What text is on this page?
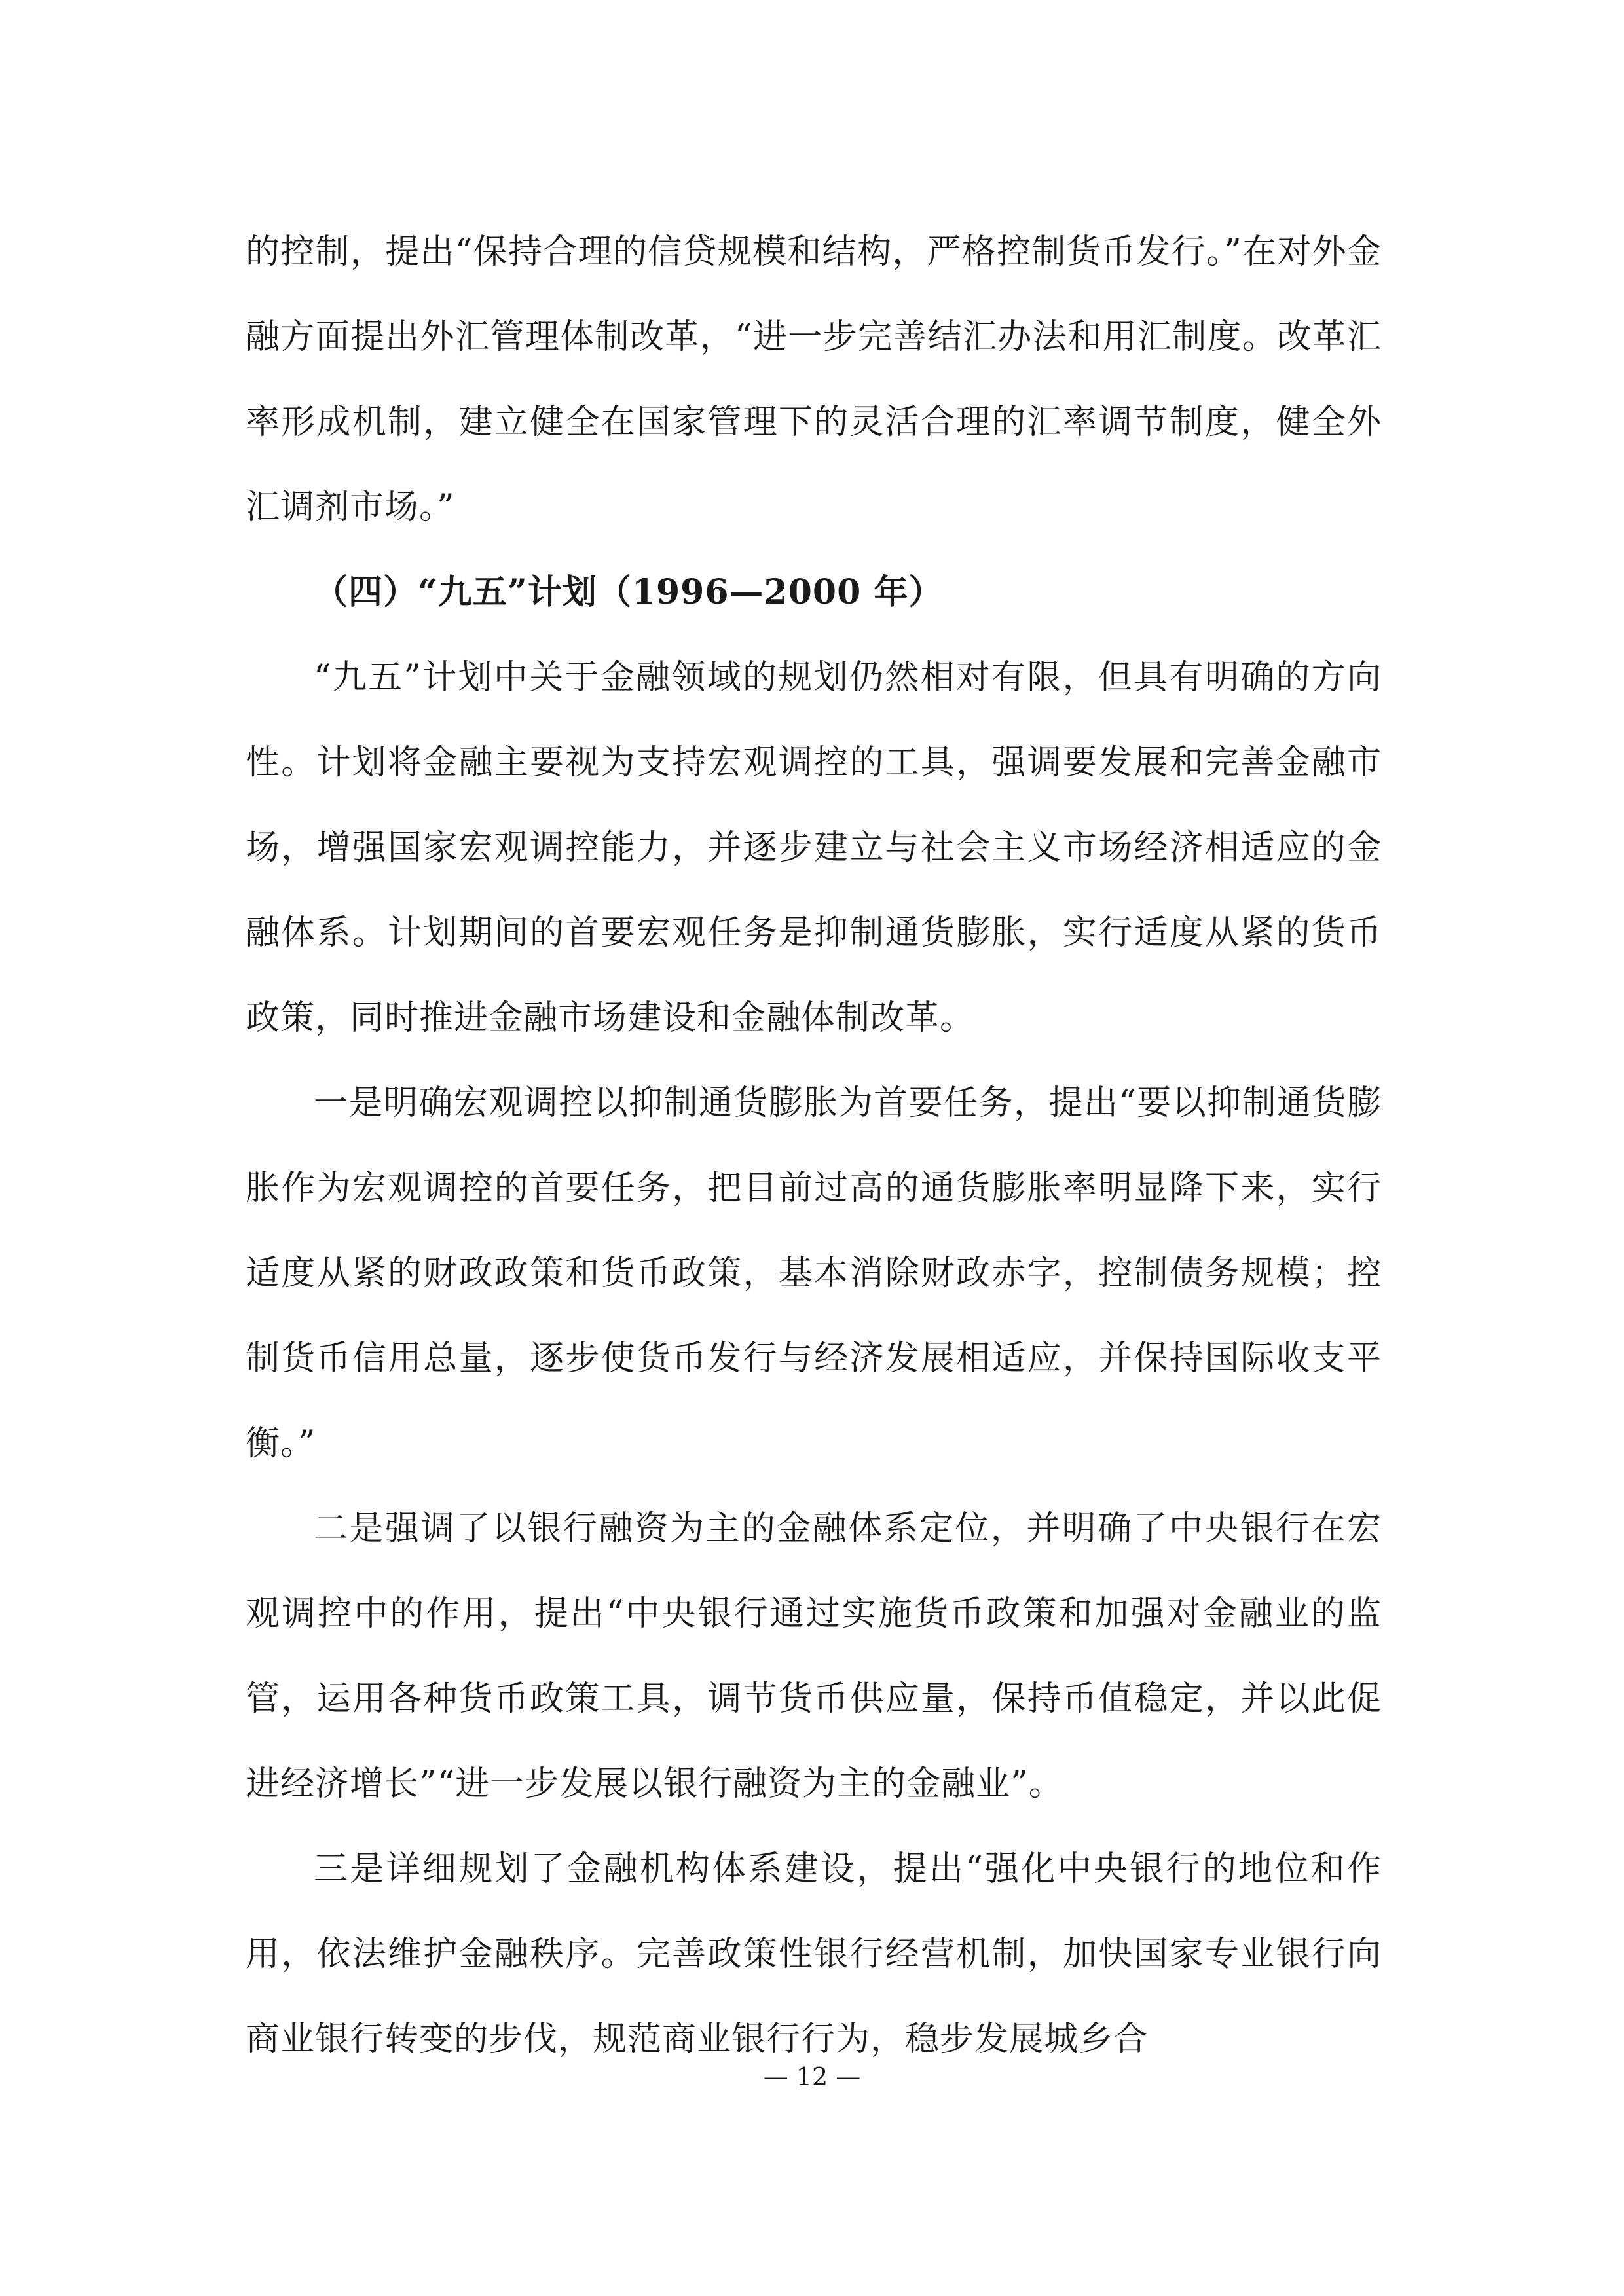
的控制，提出“保持合理的信贷规模和结构，严格控制货币发行。”在对外金融方面提出外汇管理体制改革，“进一步完善结汇办法和用汇制度。改革汇率形成机制，建立健全在国家管理下的灵活合理的汇率调节制度，健全外汇调剂市场。”

（四）“九五”计划（1996—2000 年）

“九五”计划中关于金融领域的规划仍然相对有限，但具有明确的方向性。计划将金融主要视为支持宏观调控的工具，强调要发展和完善金融市场，增强国家宏观调控能力，并逐步建立与社会主义市场经济相适应的金融体系。计划期间的首要宏观任务是抑制通货膨胀，实行适度从紧的货币政策，同时推进金融市场建设和金融体制改革。

一是明确宏观调控以抑制通货膨胀为首要任务，提出“要以抑制通货膨胀作为宏观调控的首要任务，把目前过高的通货膨胀率明显降下来，实行适度从紧的财政政策和货币政策，基本消除财政赤字，控制债务规模；控制货币信用总量，逐步使货币发行与经济发展相适应，并保持国际收支平衡。”

二是强调了以银行融资为主的金融体系定位，并明确了中央银行在宏观调控中的作用，提出“中央银行通过实施货币政策和加强对金融业的监管，运用各种货币政策工具，调节货币供应量，保持币值稳定，并以此促进经济增长”“进一步发展以银行融资为主的金融业”。

三是详细规划了金融机构体系建设，提出“强化中央银行的地位和作用，依法维护金融秩序。完善政策性银行经营机制，加快国家专业银行向商业银行转变的步伐，规范商业银行行为，稳步发展城乡合

— 12 —
